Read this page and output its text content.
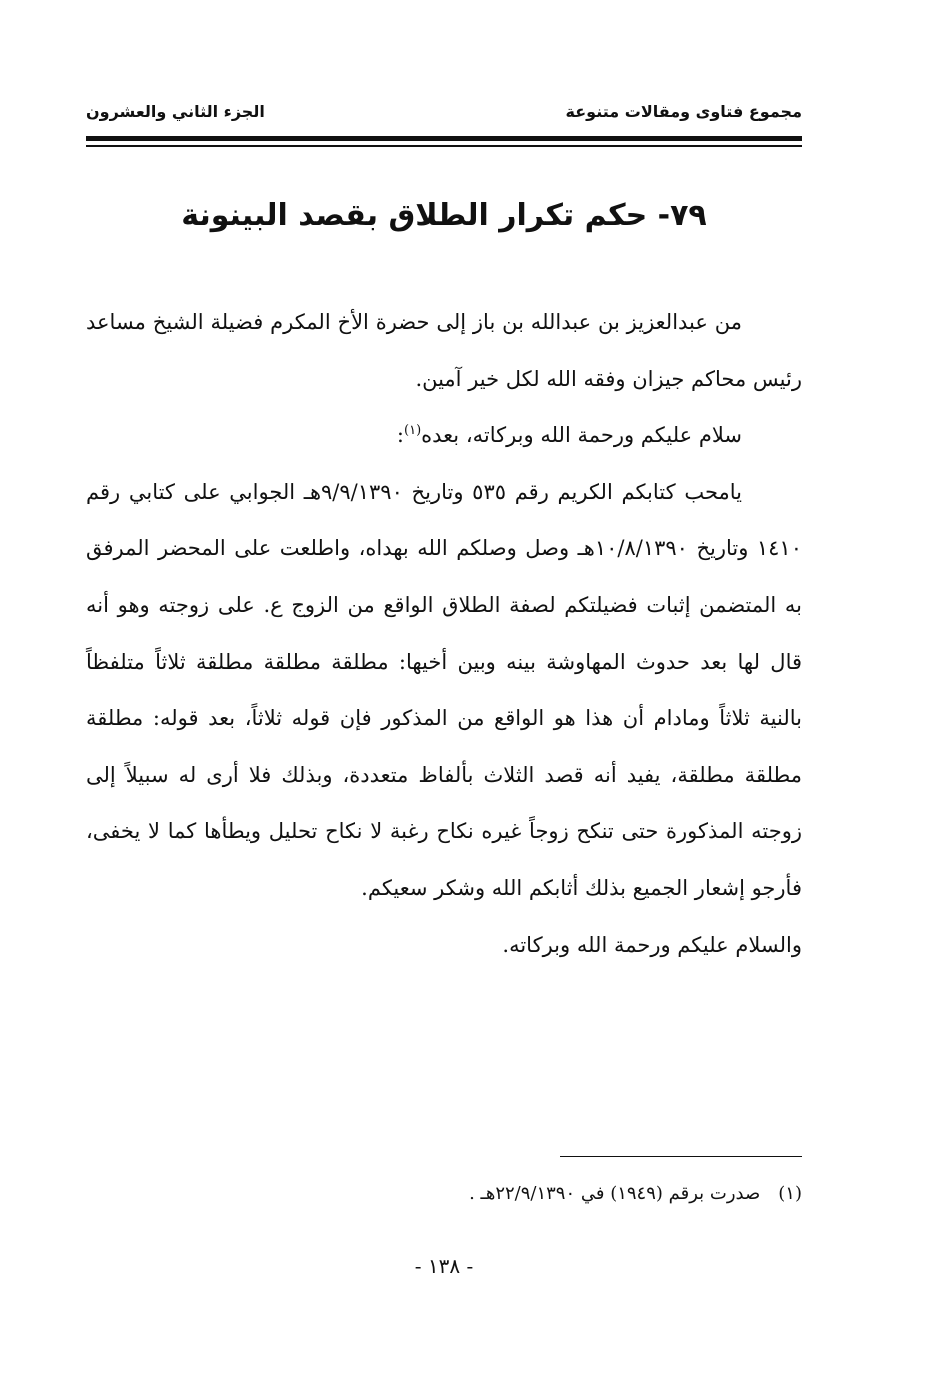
مجموع فتاوى ومقالات متنوعة
الجزء الثاني والعشرون
٧٩- حكم تكرار الطلاق بقصد البينونة

من عبدالعزيز بن عبدالله بن باز إلى حضرة الأخ المكرم فضيلة الشيخ مساعد رئيس محاكم جيزان وفقه الله لكل خير آمين.

سلام عليكم ورحمة الله وبركاته، بعده$^{(١)}$:

يامحب كتابكم الكريم رقم ٥٣٥ وتاريخ ٩/٩/١٣٩٠هـ الجوابي على كتابي رقم ١٤١٠ وتاريخ ١٠/٨/١٣٩٠هـ وصل وصلكم الله بهداه، واطلعت على المحضر المرفق به المتضمن إثبات فضيلتكم لصفة الطلاق الواقع من الزوج ع. على زوجته وهو أنه قال لها بعد حدوث المهاوشة بينه وبين أخيها: مطلقة مطلقة مطلقة ثلاثاً متلفظاً بالنية ثلاثاً ومادام أن هذا هو الواقع من المذكور فإن قوله ثلاثاً، بعد قوله: مطلقة مطلقة مطلقة، يفيد أنه قصد الثلاث بألفاظ متعددة، وبذلك فلا أرى له سبيلاً إلى زوجته المذكورة حتى تنكح زوجاً غيره نكاح رغبة لا نكاح تحليل ويطأها كما لا يخفى، فأرجو إشعار الجميع بذلك أثابكم الله وشكر سعيكم.

والسلام عليكم ورحمة الله وبركاته.

(١)صدرت برقم (١٩٤٩) في ٢٢/٩/١٣٩٠هـ .
- ١٣٨ -
